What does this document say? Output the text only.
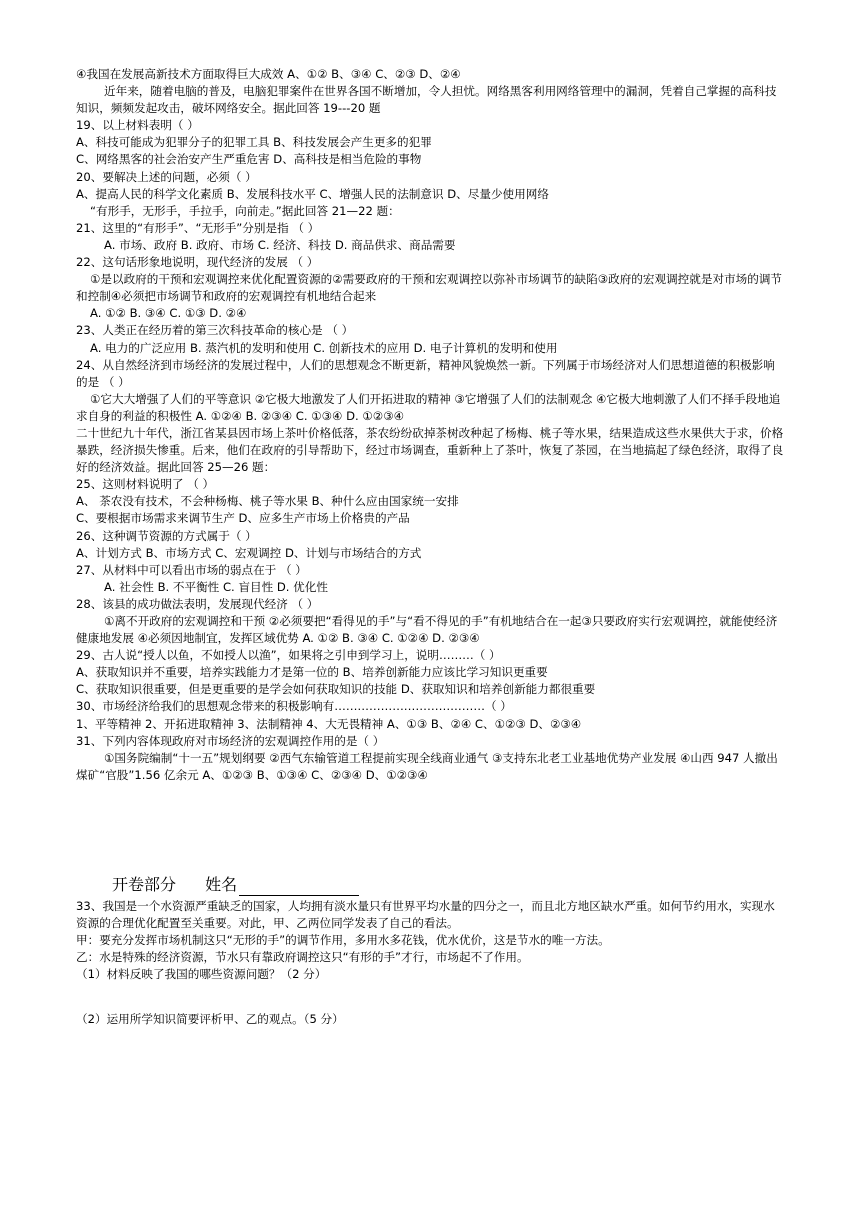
④我国在发展高新技术方面取得巨大成效 A、①② B、③④ C、②③ D、②④
近年来，随着电脑的普及，电脑犯罪案件在世界各国不断增加，令人担忧。网络黑客利用网络管理中的漏洞，凭着自己掌握的高科技知识，频频发起攻击，破坏网络安全。据此回答 19---20 题
19、以上材料表明（ ）
A、科技可能成为犯罪分子的犯罪工具 B、科技发展会产生更多的犯罪
C、网络黑客的社会治安产生严重危害 D、高科技是相当危险的事物
20、要解决上述的问题，必须（ ）
A、提高人民的科学文化素质 B、发展科技水平 C、增强人民的法制意识 D、尽量少使用网络
“有形手，无形手，手拉手，向前走。”据此回答 21—22 题：
21、这里的“有形手”、“无形手”分别是指 （ ）
A. 市场、政府 B. 政府、市场 C. 经济、科技 D. 商品供求、商品需要
22、这句话形象地说明，现代经济的发展 （ ）
①是以政府的干预和宏观调控来优化配置资源的②需要政府的干预和宏观调控以弥补市场调节的缺陷③政府的宏观调控就是对市场的调节和控制④必须把市场调节和政府的宏观调控有机地结合起来
A. ①② B. ③④ C. ①③ D. ②④
23、人类正在经历着的第三次科技革命的核心是 （ ）
A. 电力的广泛应用 B. 蒸汽机的发明和使用 C. 创新技术的应用 D. 电子计算机的发明和使用
24、从自然经济到市场经济的发展过程中，人们的思想观念不断更新，精神风貌焕然一新。下列属于市场经济对人们思想道德的积极影响的是 （ ）
①它大大增强了人们的平等意识 ②它极大地激发了人们开拓进取的精神 ③它增强了人们的法制观念 ④它极大地刺激了人们不择手段地追求自身的利益的积极性 A. ①②④ B. ②③④ C. ①③④ D. ①②③④
二十世纪九十年代，浙江省某县因市场上茶叶价格低落，茶农纷纷砍掉茶树改种起了杨梅、桃子等水果，结果造成这些水果供大于求，价格暴跌，经济损失惨重。后来，他们在政府的引导帮助下，经过市场调查，重新种上了茶叶，恢复了茶园，在当地搞起了绿色经济，取得了良好的经济效益。据此回答 25—26 题：
25、这则材料说明了 （ ）
A、 茶农没有技术，不会种杨梅、桃子等水果 B、种什么应由国家统一安排
C、要根据市场需求来调节生产 D、应多生产市场上价格贵的产品
26、这种调节资源的方式属于（ ）
A、计划方式 B、市场方式 C、宏观调控 D、计划与市场结合的方式
27、从材料中可以看出市场的弱点在于 （ ）
A. 社会性 B. 不平衡性 C. 盲目性 D. 优化性
28、该县的成功做法表明，发展现代经济 （ ）
①离不开政府的宏观调控和干预 ②必须要把“看得见的手”与“看不得见的手”有机地结合在一起③只要政府实行宏观调控，就能使经济健康地发展 ④必须因地制宜，发挥区域优势 A. ①② B. ③④ C. ①②④ D. ②③④
29、古人说“授人以鱼，不如授人以渔”，如果将之引申到学习上，说明………（ ）
A、获取知识并不重要，培养实践能力才是第一位的 B、培养创新能力应该比学习知识更重要
C、获取知识很重要，但是更重要的是学会如何获取知识的技能 D、获取知识和培养创新能力都很重要
30、市场经济给我们的思想观念带来的积极影响有…………………………………（ ）
1、平等精神 2、开拓进取精神 3、法制精神 4、大无畏精神 A、①③ B、②④ C、①②③ D、②③④
31、下列内容体现政府对市场经济的宏观调控作用的是（ ）
①国务院编制“十一五”规划纲要 ②西气东输管道工程提前实现全线商业通气 ③支持东北老工业基地优势产业发展 ④山西 947 人撤出煤矿“官股”1.56 亿余元 A、①②③ B、①③④ C、②③④ D、①②③④
开卷部分 姓名
33、我国是一个水资源严重缺乏的国家，人均拥有淡水量只有世界平均水量的四分之一，而且北方地区缺水严重。如何节约用水，实现水资源的合理优化配置至关重要。对此，甲、乙两位同学发表了自己的看法。
甲：要充分发挥市场机制这只“无形的手”的调节作用，多用水多花钱，优水优价，这是节水的唯一方法。
乙：水是特殊的经济资源，节水只有靠政府调控这只“有形的手”才行，市场起不了作用。
（1）材料反映了我国的哪些资源问题？（2 分）
（2）运用所学知识简要评析甲、乙的观点。（5 分）
